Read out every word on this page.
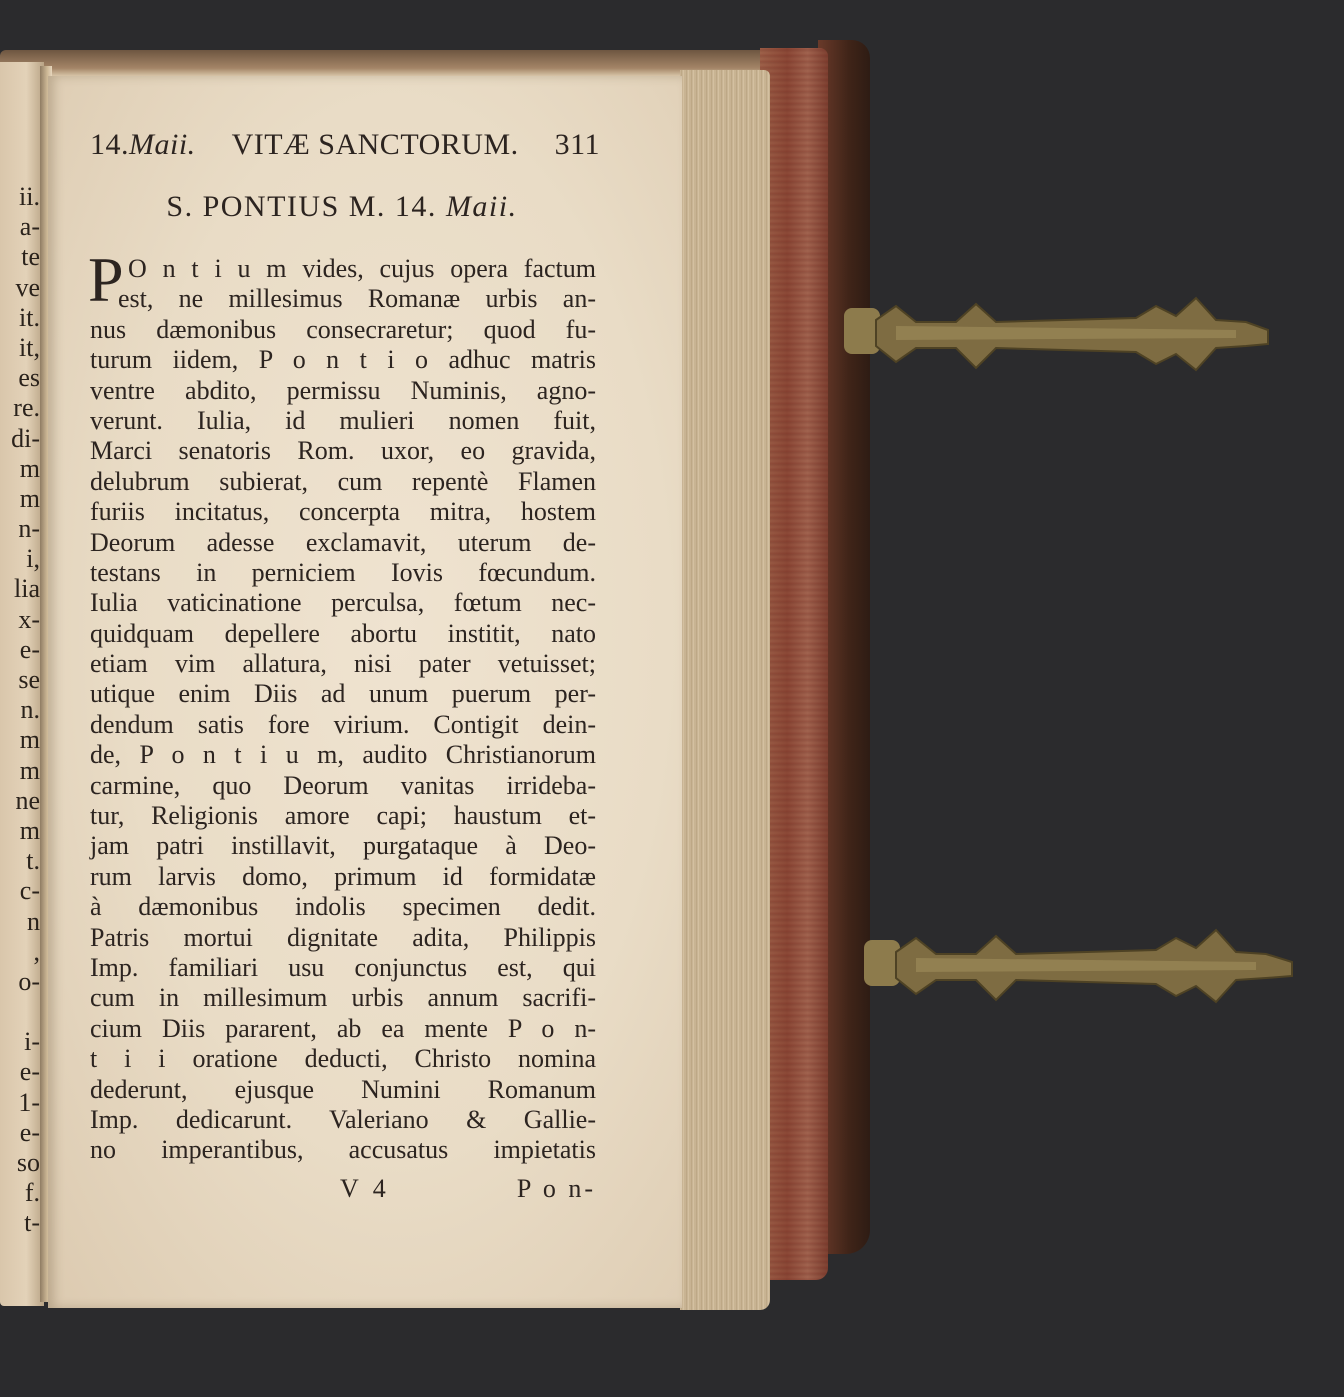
ii.
a-
te
ve
it.
it,
es
re.
di-
m
m
n-
i,
lia
x-
e-
se
n.
m
m
ne
m
t.
c-
n
,
o-
i-
e-
1-
e-
so
f.
t-
14.Maii. VITÆ SANCTORUM. 311
S. PONTIUS M. 14. Maii.
P O n t i u m vides, cujus opera factum
est, ne millesimus Romanæ urbis an-
nus dæmonibus consecraretur; quod fu-
turum iidem, P o n t i o adhuc matris
ventre abdito, permissu Numinis, agno-
verunt. Iulia, id mulieri nomen fuit,
Marci senatoris Rom. uxor, eo gravida,
delubrum subierat, cum repentè Flamen
furiis incitatus, concerpta mitra, hostem
Deorum adesse exclamavit, uterum de-
testans in perniciem Iovis fœcundum.
Iulia vaticinatione perculsa, fœtum nec-
quidquam depellere abortu institit, nato
etiam vim allatura, nisi pater vetuisset;
utique enim Diis ad unum puerum per-
dendum satis fore virium. Contigit dein-
de, P o n t i u m, audito Christianorum
carmine, quo Deorum vanitas irrideba-
tur, Religionis amore capi; haustum et-
jam patri instillavit, purgataque à Deo-
rum larvis domo, primum id formidatæ
à dæmonibus indolis specimen dedit.
Patris mortui dignitate adita, Philippis
Imp. familiari usu conjunctus est, qui
cum in millesimum urbis annum sacrifi-
cium Diis pararent, ab ea mente P o n-
t i i oratione deducti, Christo nomina
dederunt, ejusque Numini Romanum
Imp. dedicarunt. Valeriano & Gallie-
no imperantibus, accusatus impietatis
V 4	P o n-
